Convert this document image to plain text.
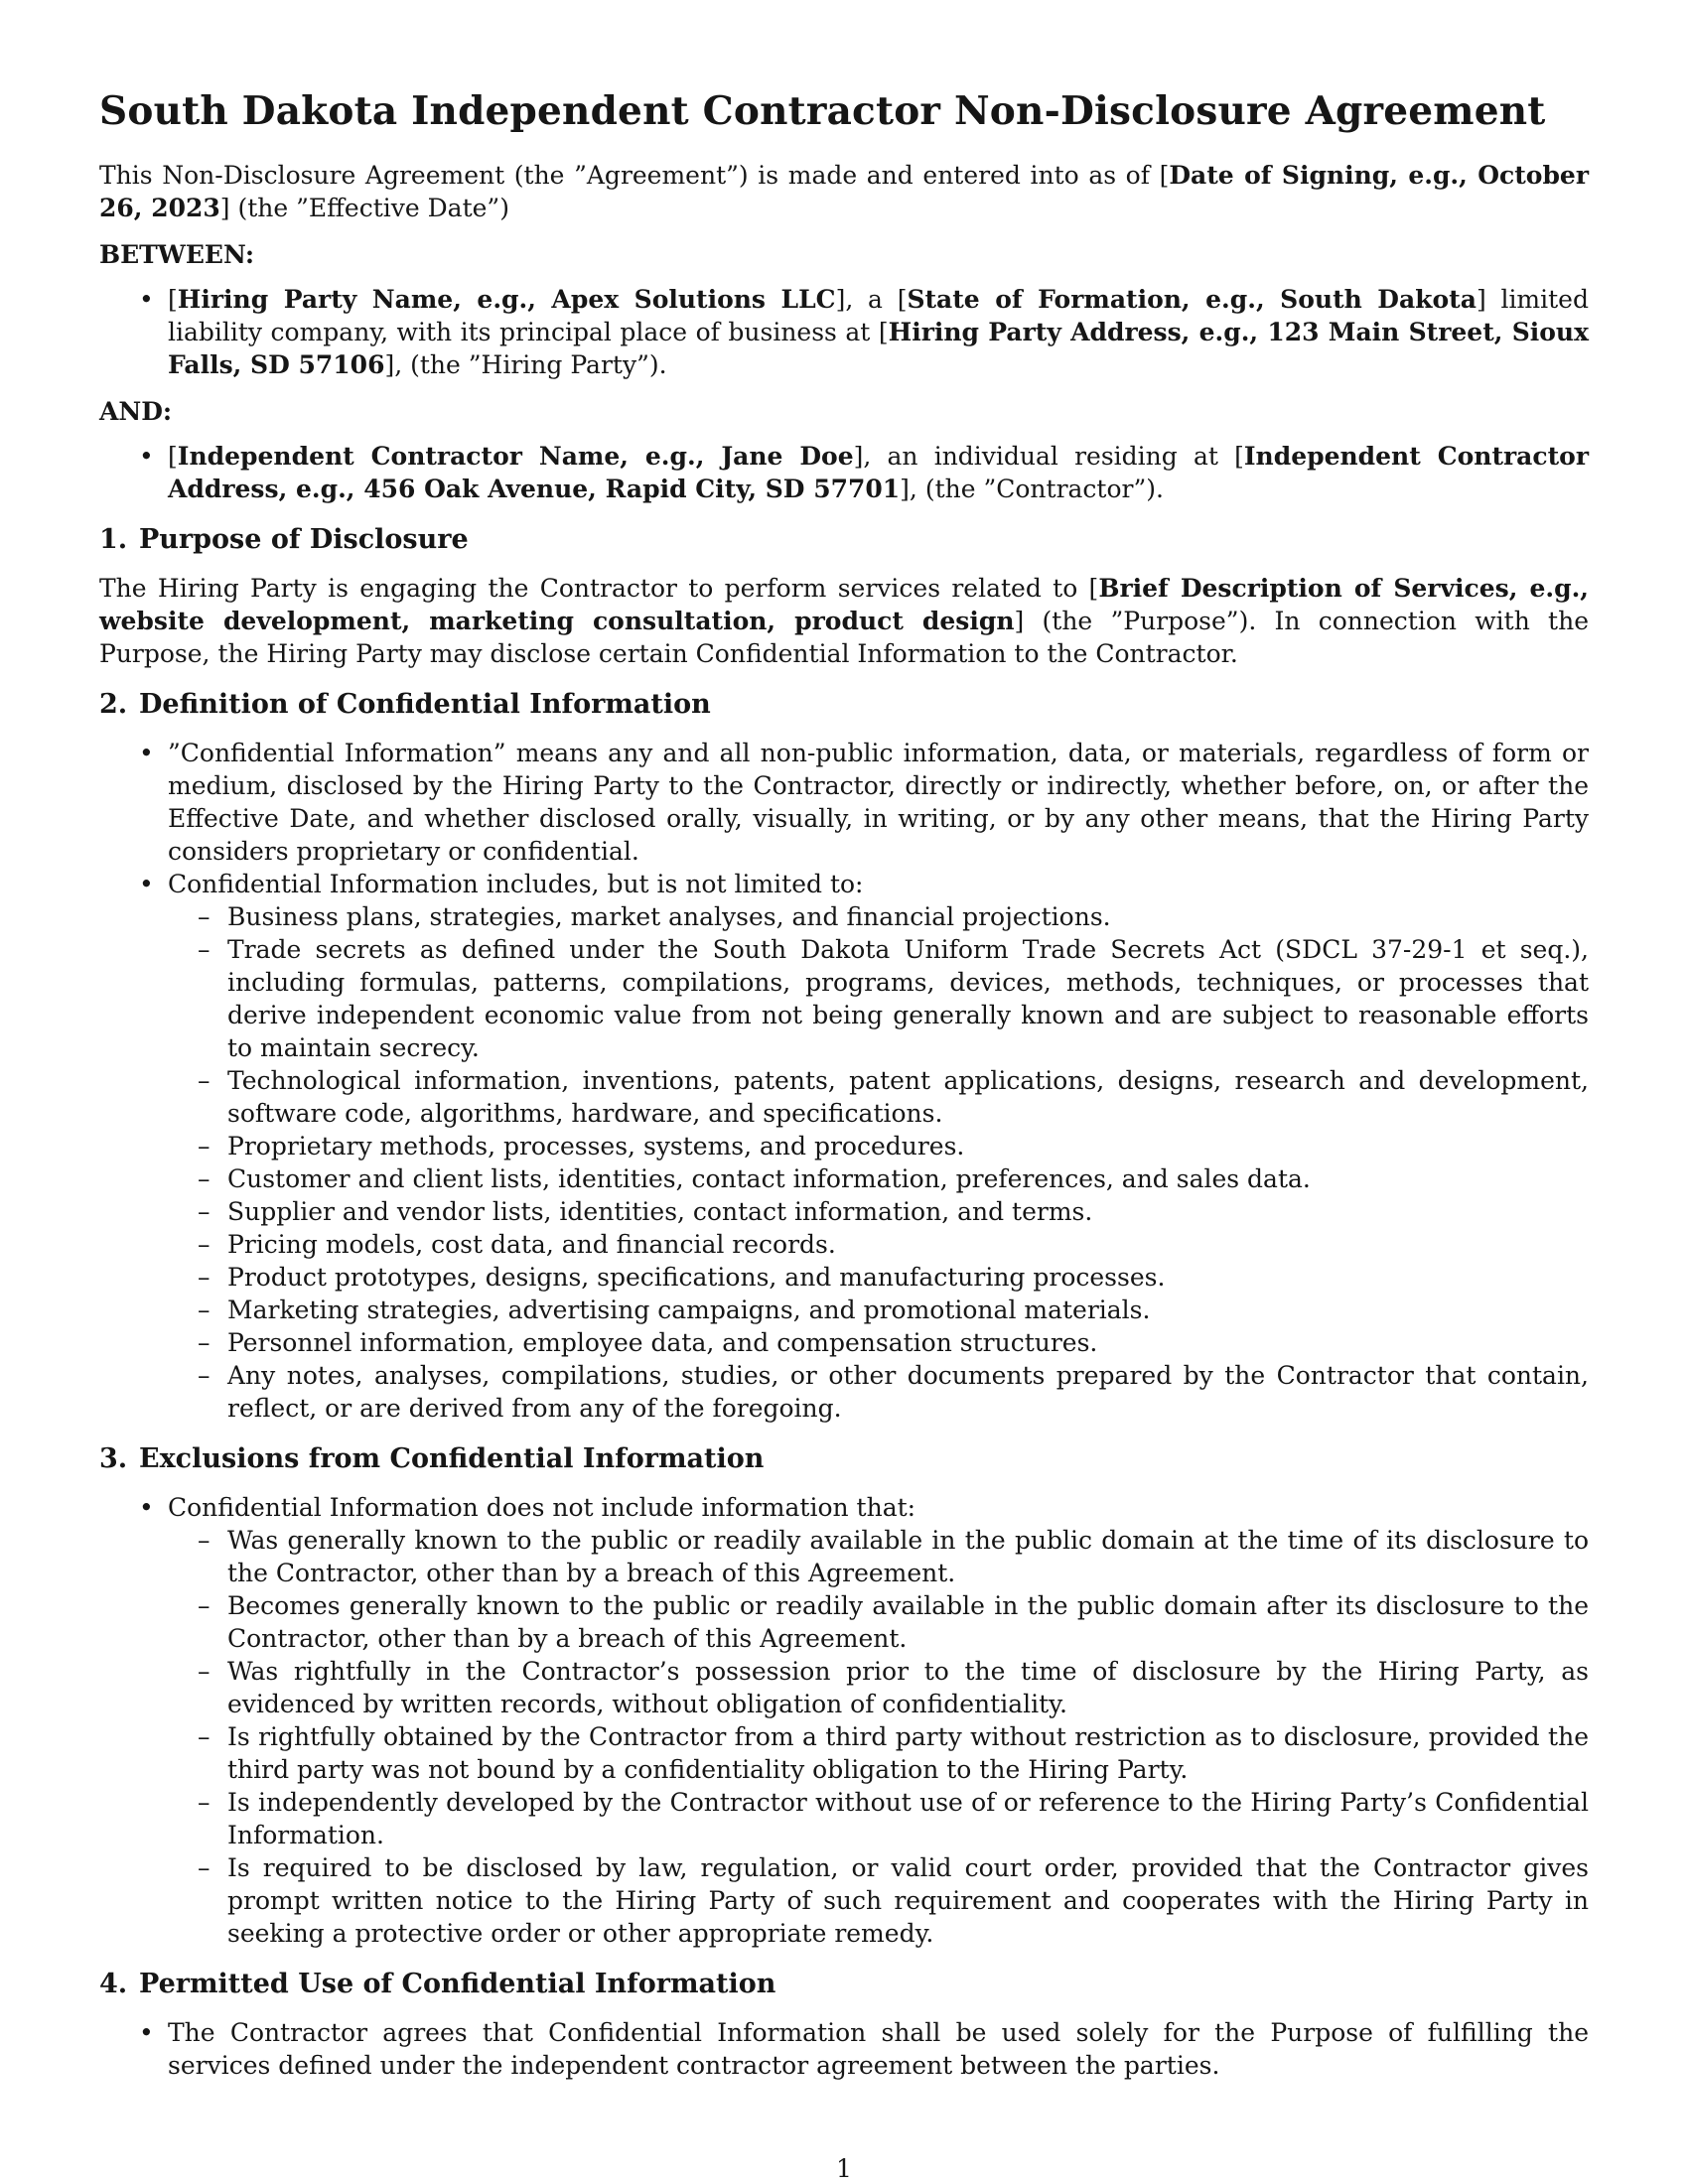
South Dakota Independent Contractor Non-Disclosure Agreement

This Non-Disclosure Agreement (the ”Agreement”) is made and entered into as of [Date of Signing, e.g., October 26, 2023] (the ”Effective Date”)

BETWEEN:
• [Hiring Party Name, e.g., Apex Solutions LLC], a [State of Formation, e.g., South Dakota] limited liability company, with its principal place of business at [Hiring Party Address, e.g., 123 Main Street, Sioux Falls, SD 57106], (the ”Hiring Party”).
AND:
• [Independent Contractor Name, e.g., Jane Doe], an individual residing at [Independent Contractor Address, e.g., 456 Oak Avenue, Rapid City, SD 57701], (the ”Contractor”).
1. Purpose of Disclosure

The Hiring Party is engaging the Contractor to perform services related to [Brief Description of Services, e.g., website development, marketing consultation, product design] (the ”Purpose”). In connection with the Purpose, the Hiring Party may disclose certain Confidential Information to the Contractor.

2. Definition of Confidential Information
• ”Confidential Information” means any and all non-public information, data, or materials, regardless of form or medium, disclosed by the Hiring Party to the Contractor, directly or indirectly, whether before, on, or after the Effective Date, and whether disclosed orally, visually, in writing, or by any other means, that the Hiring Party considers proprietary or confidential.
• Confidential Information includes, but is not limited to:
– Business plans, strategies, market analyses, and financial projections.
– Trade secrets as defined under the South Dakota Uniform Trade Secrets Act (SDCL 37-29-1 et seq.), including formulas, patterns, compilations, programs, devices, methods, techniques, or processes that derive independent economic value from not being generally known and are subject to reasonable efforts to maintain secrecy.
– Technological information, inventions, patents, patent applications, designs, research and development, software code, algorithms, hardware, and specifications.
– Proprietary methods, processes, systems, and procedures.
– Customer and client lists, identities, contact information, preferences, and sales data.
– Supplier and vendor lists, identities, contact information, and terms.
– Pricing models, cost data, and financial records.
– Product prototypes, designs, specifications, and manufacturing processes.
– Marketing strategies, advertising campaigns, and promotional materials.
– Personnel information, employee data, and compensation structures.
– Any notes, analyses, compilations, studies, or other documents prepared by the Contractor that contain, reflect, or are derived from any of the foregoing.
3. Exclusions from Confidential Information
• Confidential Information does not include information that:
– Was generally known to the public or readily available in the public domain at the time of its disclosure to the Contractor, other than by a breach of this Agreement.
– Becomes generally known to the public or readily available in the public domain after its disclosure to the Contractor, other than by a breach of this Agreement.
– Was rightfully in the Contractor’s possession prior to the time of disclosure by the Hiring Party, as evidenced by written records, without obligation of confidentiality.
– Is rightfully obtained by the Contractor from a third party without restriction as to disclosure, provided the third party was not bound by a confidentiality obligation to the Hiring Party.
– Is independently developed by the Contractor without use of or reference to the Hiring Party’s Confidential Information.
– Is required to be disclosed by law, regulation, or valid court order, provided that the Contractor gives prompt written notice to the Hiring Party of such requirement and cooperates with the Hiring Party in seeking a protective order or other appropriate remedy.
4. Permitted Use of Confidential Information
• The Contractor agrees that Confidential Information shall be used solely for the Purpose of fulfilling the services defined under the independent contractor agreement between the parties.
1
